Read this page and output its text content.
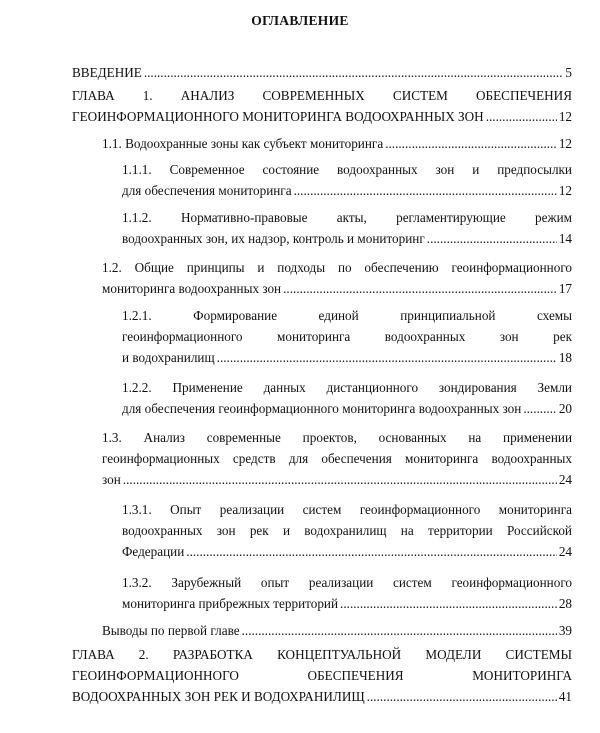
ОГЛАВЛЕНИЕ
ВВЕДЕНИЕ .....	5
ГЛАВА 1. АНАЛИЗ СОВРЕМЕННЫХ СИСТЕМ ОБЕСПЕЧЕНИЯ
ГЕОИНФОРМАЦИОННОГО МОНИТОРИНГА ВОДООХРАННЫХ ЗОН .....	12
1.1. Водоохранные зоны как субъект мониторинга .....	12
1.1.1. Современное состояние водоохранных зон и предпосылки
для обеспечения мониторинга .....	12
1.1.2. Нормативно-правовые акты, регламентирующие режим
водоохранных зон, их надзор, контроль и мониторинг .....	14
1.2. Общие принципы и подходы по обеспечению геоинформационного
мониторинга водоохранных зон .....	17
1.2.1. Формирование единой принципиальной схемы
геоинформационного мониторинга водоохранных зон рек
и водохранилищ .....	18
1.2.2. Применение данных дистанционного зондирования Земли
для обеспечения геоинформационного мониторинга водоохранных зон .....	20
1.3. Анализ современные проектов, основанных на применении
геоинформационных средств для обеспечения мониторинга водоохранных
зон .....	24
1.3.1. Опыт реализации систем геоинформационного мониторинга
водоохранных зон рек и водохранилищ на территории Российской
Федерации .....	24
1.3.2. Зарубежный опыт реализации систем геоинформационного
мониторинга прибрежных территорий .....	28
Выводы по первой главе .....	39
ГЛАВА 2. РАЗРАБОТКА КОНЦЕПТУАЛЬНОЙ МОДЕЛИ СИСТЕМЫ
ГЕОИНФОРМАЦИОННОГО ОБЕСПЕЧЕНИЯ МОНИТОРИНГА
ВОДООХРАННЫХ ЗОН РЕК И ВОДОХРАНИЛИЩ .....	41
